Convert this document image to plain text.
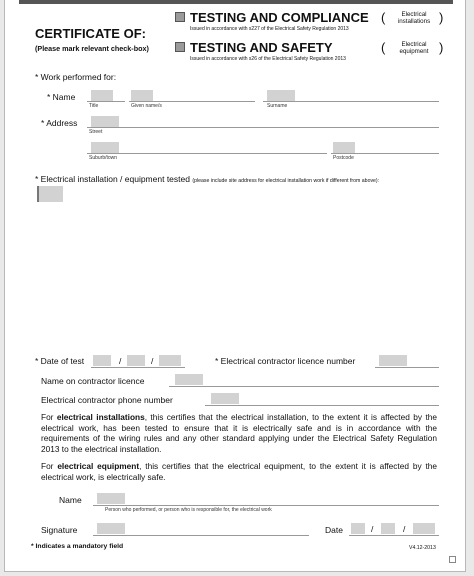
CERTIFICATE OF:
(Please mark relevant check-box)
TESTING AND COMPLIANCE
Issued in accordance with s227 of the Electrical Safety Regulation 2013
(	Electrical
installations )
TESTING AND SAFETY
Issued in accordance with s26 of the Electrical Safety Regulation 2013
(	Electrical
equipment )
* Work performed for:
* Name
Title	Given name/s	Surname
* Address
Street
Suburb/town	Postcode
* Electrical installation / equipment tested (please include site address for electrical installation work if different from above):
* Date of test	/	/	* Electrical contractor licence number
Name on contractor licence
Electrical contractor phone number
For electrical installations, this certifies that the electrical installation, to the extent it is affected by the electrical work, has been tested to ensure that it is electrically safe and is in accordance with the requirements of the wiring rules and any other standard applying under the Electrical Safety Regulation 2013 to the electrical installation.
For electrical equipment, this certifies that the electrical equipment, to the extent it is affected by the electrical work, is electrically safe.
Name
Person who performed, or person who is responsible for, the electrical work
Signature	Date	/	/
* Indicates a mandatory field	V4.12-2013
